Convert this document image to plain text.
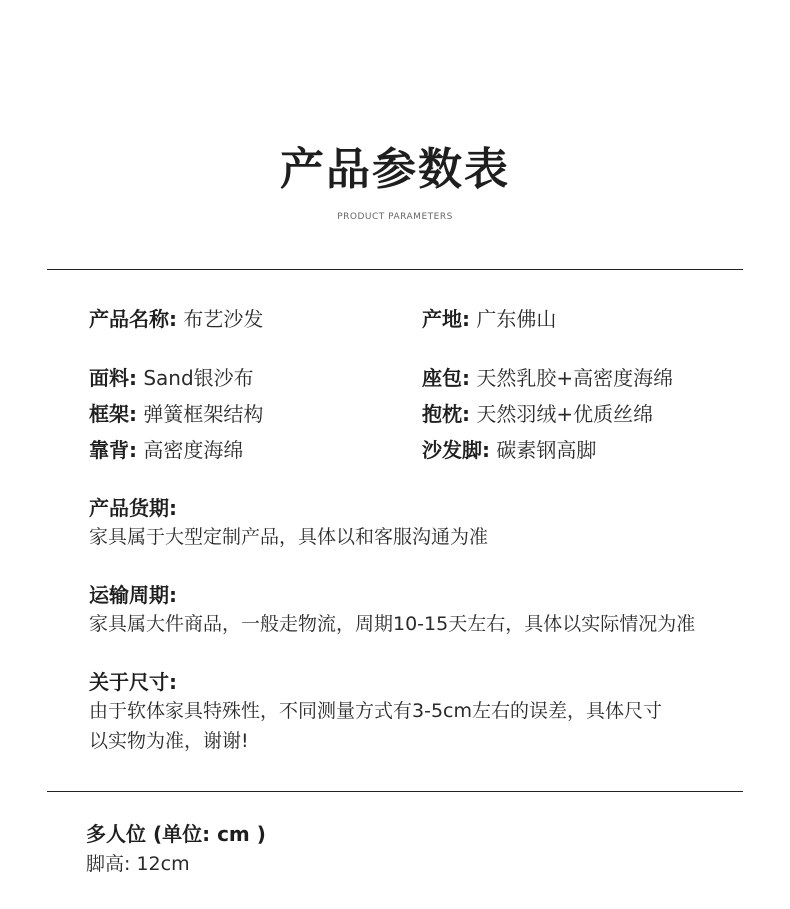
产品参数表
PRODUCT PARAMETERS
产品名称: 布艺沙发	产地: 广东佛山
面料: Sand银沙布	座包: 天然乳胶+高密度海绵
框架: 弹簧框架结构	抱枕: 天然羽绒+优质丝绵
靠背: 高密度海绵	沙发脚: 碳素钢高脚
产品货期:
家具属于大型定制产品，具体以和客服沟通为准
运输周期:
家具属大件商品，一般走物流，周期10-15天左右，具体以实际情况为准
关于尺寸:
由于软体家具特殊性，不同测量方式有3-5cm左右的误差，具体尺寸
以实物为准，谢谢!
多人位 (单位: cm )
脚高: 12cm
